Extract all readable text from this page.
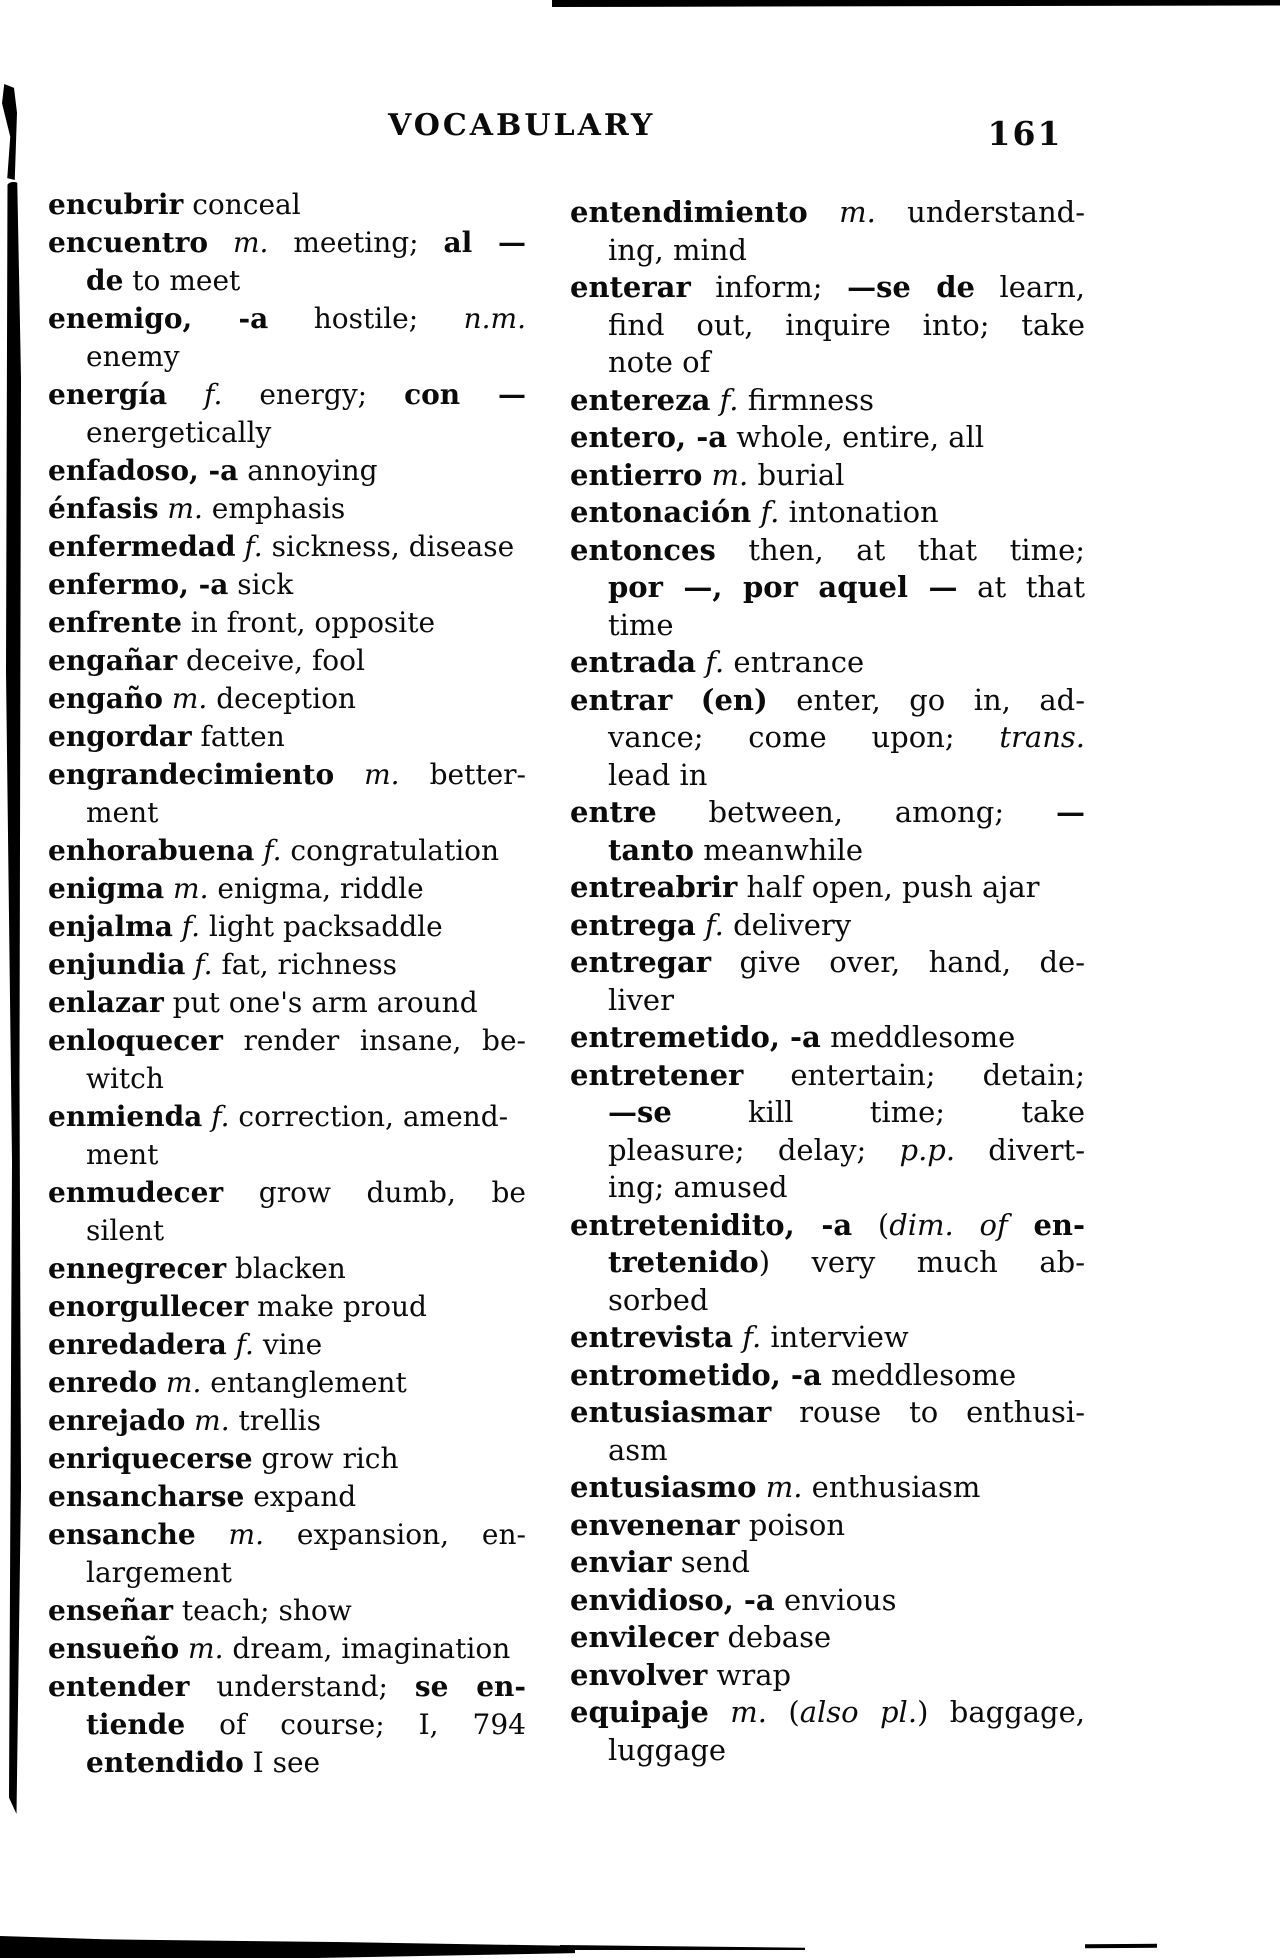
VOCABULARY	161
encubrir conceal
encuentro m. meeting; al —
de to meet
enemigo, -a hostile; n.m.
enemy
energía f. energy; con —
energetically
enfadoso, -a annoying
énfasis m. emphasis
enfermedad f. sickness, disease
enfermo, -a sick
enfrente in front, opposite
engañar deceive, fool
engaño m. deception
engordar fatten
engrandecimiento m. better-
ment
enhorabuena f. congratulation
enigma m. enigma, riddle
enjalma f. light packsaddle
enjundia f. fat, richness
enlazar put one's arm around
enloquecer render insane, be-
witch
enmienda f. correction, amend-
ment
enmudecer grow dumb, be
silent
ennegrecer blacken
enorgullecer make proud
enredadera f. vine
enredo m. entanglement
enrejado m. trellis
enriquecerse grow rich
ensancharse expand
ensanche m. expansion, en-
largement
enseñar teach; show
ensueño m. dream, imagination
entender understand; se en-
tiende of course; I, 794
entendido I see
entendimiento m. understand-
ing, mind
enterar inform; —se de learn,
find out, inquire into; take
note of
entereza f. firmness
entero, -a whole, entire, all
entierro m. burial
entonación f. intonation
entonces then, at that time;
por —, por aquel — at that
time
entrada f. entrance
entrar (en) enter, go in, ad-
vance; come upon; trans.
lead in
entre between, among; —
tanto meanwhile
entreabrir half open, push ajar
entrega f. delivery
entregar give over, hand, de-
liver
entremetido, -a meddlesome
entretener entertain; detain;
—se kill time; take
pleasure; delay; p.p. divert-
ing; amused
entretenidito, -a (dim. of en-
tretenido) very much ab-
sorbed
entrevista f. interview
entrometido, -a meddlesome
entusiasmar rouse to enthusi-
asm
entusiasmo m. enthusiasm
envenenar poison
enviar send
envidioso, -a envious
envilecer debase
envolver wrap
equipaje m. (also pl.) baggage,
luggage
